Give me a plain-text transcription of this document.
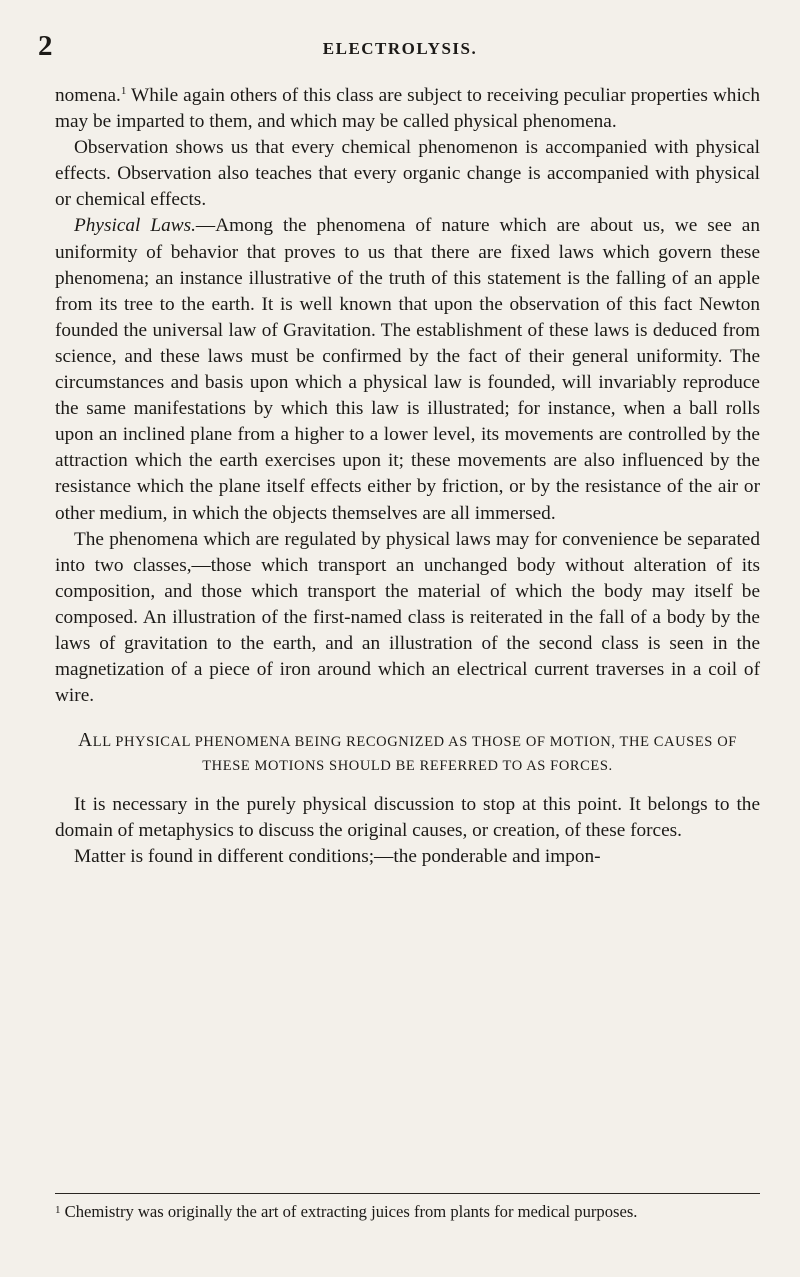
2	ELECTROLYSIS.

nomena.$^1$ While again others of this class are subject to receiving peculiar properties which may be imparted to them, and which may be called physical phenomena.

Observation shows us that every chemical phenomenon is accompanied with physical effects. Observation also teaches that every organic change is accompanied with physical or chemical effects.

Physical Laws.—Among the phenomena of nature which are about us, we see an uniformity of behavior that proves to us that there are fixed laws which govern these phenomena; an instance illustrative of the truth of this statement is the falling of an apple from its tree to the earth. It is well known that upon the observation of this fact Newton founded the universal law of Gravitation. The establishment of these laws is deduced from science, and these laws must be confirmed by the fact of their general uniformity. The circumstances and basis upon which a physical law is founded, will invariably reproduce the same manifestations by which this law is illustrated; for instance, when a ball rolls upon an inclined plane from a higher to a lower level, its movements are controlled by the attraction which the earth exercises upon it; these movements are also influenced by the resistance which the plane itself effects either by friction, or by the resistance of the air or other medium, in which the objects themselves are all immersed.

The phenomena which are regulated by physical laws may for convenience be separated into two classes,—those which transport an unchanged body without alteration of its composition, and those which transport the material of which the body may itself be composed. An illustration of the first-named class is reiterated in the fall of a body by the laws of gravitation to the earth, and an illustration of the second class is seen in the magnetization of a piece of iron around which an electrical current traverses in a coil of wire.

ALL PHYSICAL PHENOMENA BEING RECOGNIZED AS THOSE OF MOTION, THE CAUSES OF THESE MOTIONS SHOULD BE REFERRED TO AS FORCES.

It is necessary in the purely physical discussion to stop at this point. It belongs to the domain of metaphysics to discuss the original causes, or creation, of these forces.

Matter is found in different conditions;—the ponderable and impon-

$^1$ Chemistry was originally the art of extracting juices from plants for medical purposes.
